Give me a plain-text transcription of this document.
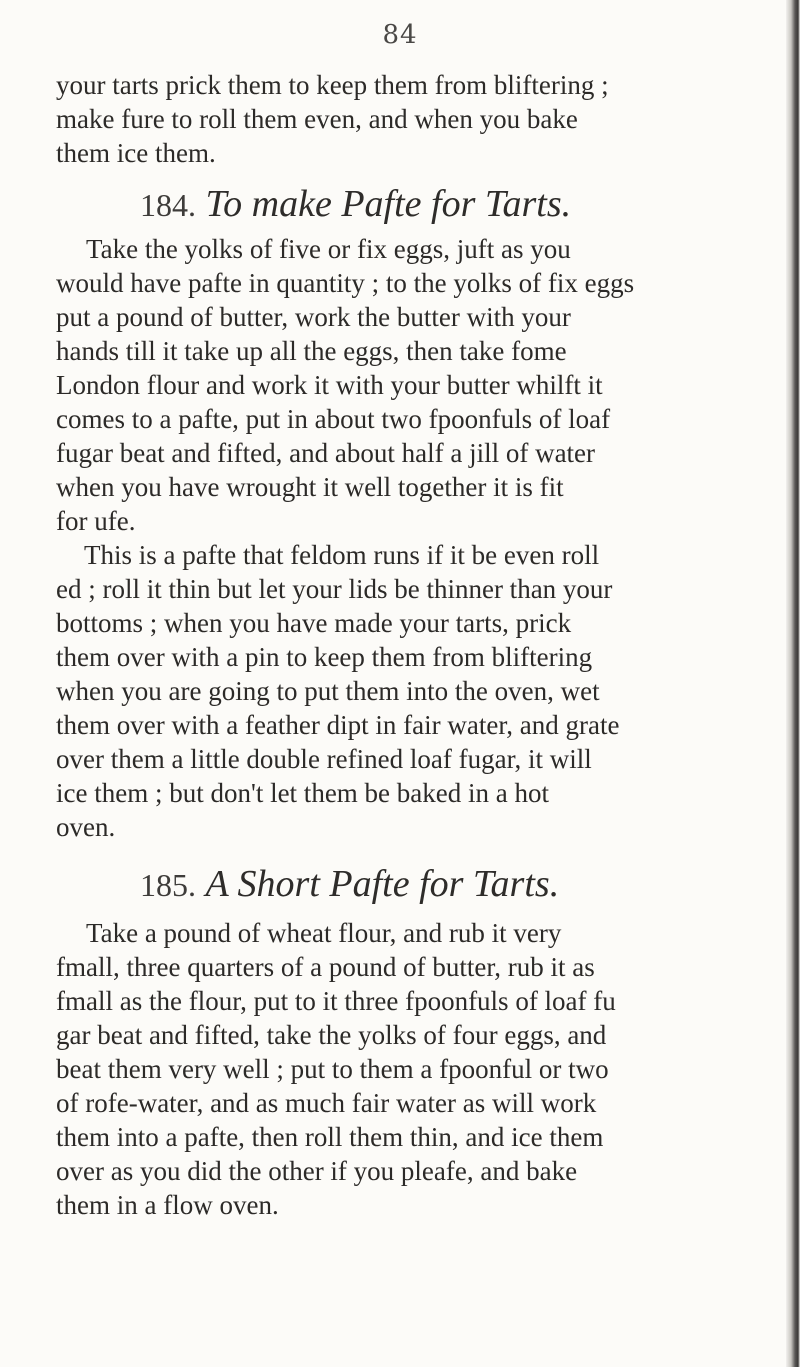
84
your tarts prick them to keep them from bliftering ;
make fure to roll them even, and when you bake
them ice them.
184. To make Pafte for Tarts.
Take the yolks of five or fix eggs, juft as you
would have pafte in quantity ; to the yolks of fix eggs
put a pound of butter, work the butter with your
hands till it take up all the eggs, then take fome
London flour and work it with your butter whilft it
comes to a pafte, put in about two fpoonfuls of loaf
fugar beat and fifted, and about half a jill of water
when you have wrought it well together it is fit
for ufe.
This is a pafte that feldom runs if it be even roll
ed ; roll it thin but let your lids be thinner than your
bottoms ; when you have made your tarts, prick
them over with a pin to keep them from bliftering
when you are going to put them into the oven, wet
them over with a feather dipt in fair water, and grate
over them a little double refined loaf fugar, it will
ice them ; but don't let them be baked in a hot
oven.
185. A Short Pafte for Tarts.
Take a pound of wheat flour, and rub it very
fmall, three quarters of a pound of butter, rub it as
fmall as the flour, put to it three fpoonfuls of loaf fu
gar beat and fifted, take the yolks of four eggs, and
beat them very well ; put to them a fpoonful or two
of rofe-water, and as much fair water as will work
them into a pafte, then roll them thin, and ice them
over as you did the other if you pleafe, and bake
them in a flow oven.
